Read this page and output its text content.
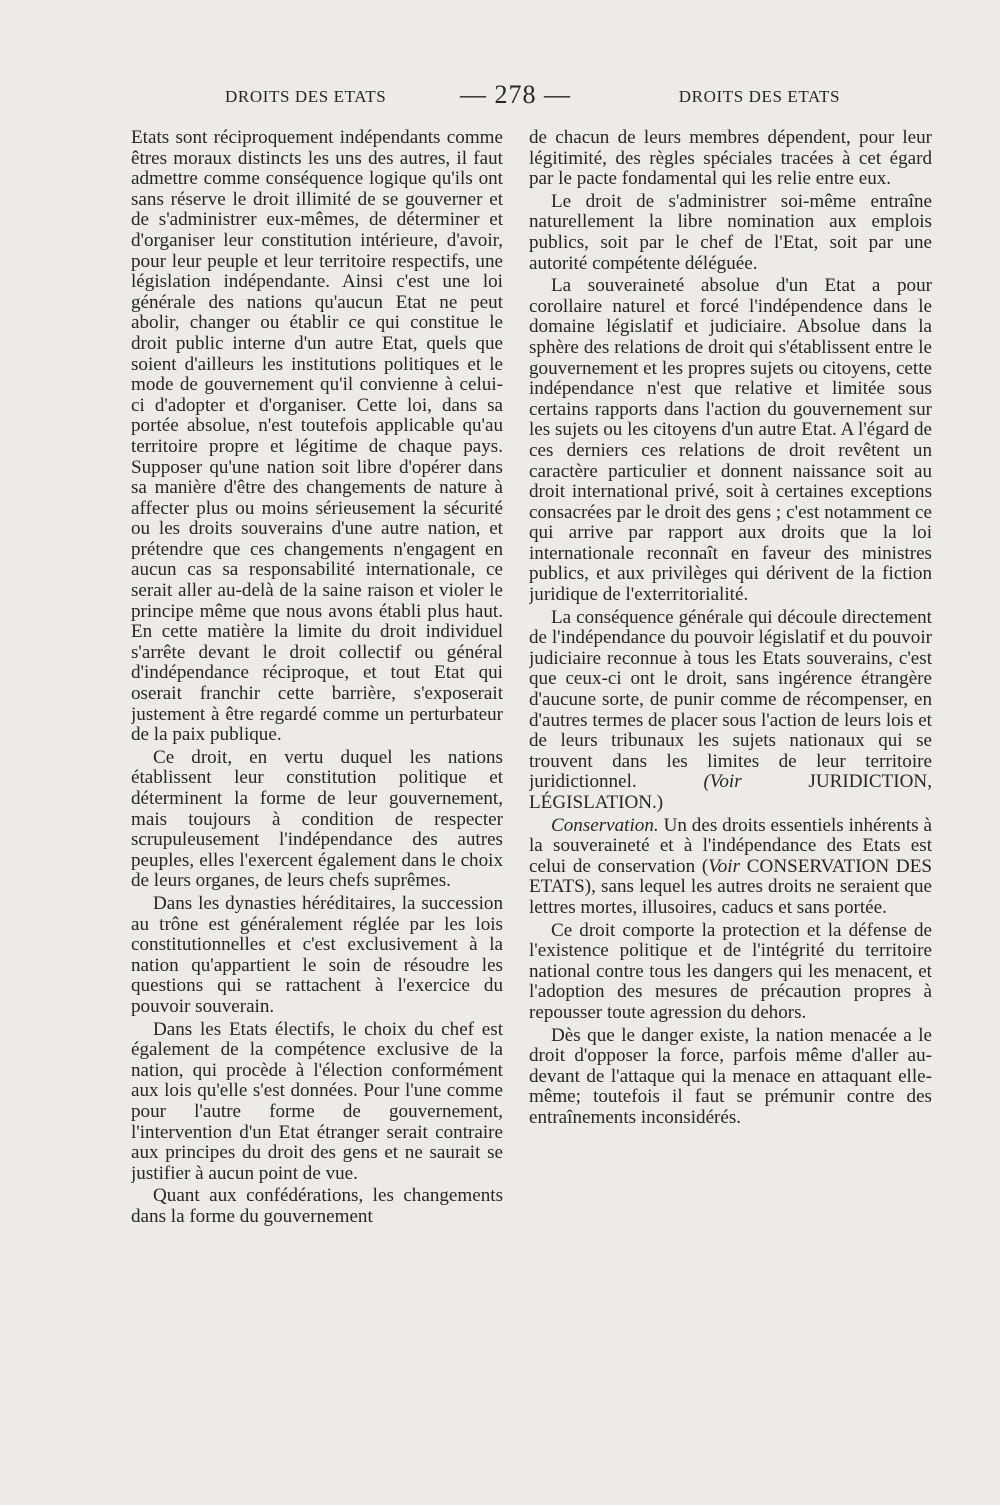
DROITS DES ETATS	— 278 —	DROITS DES ETATS

Etats sont réciproquement indépendants comme êtres moraux distincts les uns des autres, il faut admettre comme conséquence logique qu'ils ont sans réserve le droit illimité de se gouverner et de s'administrer eux-mêmes, de déterminer et d'organiser leur constitution intérieure, d'avoir, pour leur peuple et leur territoire respectifs, une législation indépendante. Ainsi c'est une loi générale des nations qu'aucun Etat ne peut abolir, changer ou établir ce qui constitue le droit public interne d'un autre Etat, quels que soient d'ailleurs les institutions politiques et le mode de gouvernement qu'il convienne à celui-ci d'adopter et d'organiser. Cette loi, dans sa portée absolue, n'est toutefois applicable qu'au territoire propre et légitime de chaque pays. Supposer qu'une nation soit libre d'opérer dans sa manière d'être des changements de nature à affecter plus ou moins sérieusement la sécurité ou les droits souverains d'une autre nation, et prétendre que ces changements n'engagent en aucun cas sa responsabilité internationale, ce serait aller au-delà de la saine raison et violer le principe même que nous avons établi plus haut. En cette matière la limite du droit individuel s'arrête devant le droit collectif ou général d'indépendance réciproque, et tout Etat qui oserait franchir cette barrière, s'exposerait justement à être regardé comme un perturbateur de la paix publique.

Ce droit, en vertu duquel les nations établissent leur constitution politique et déterminent la forme de leur gouvernement, mais toujours à condition de respecter scrupuleusement l'indépendance des autres peuples, elles l'exercent également dans le choix de leurs organes, de leurs chefs suprêmes.

Dans les dynasties héréditaires, la succession au trône est généralement réglée par les lois constitutionnelles et c'est exclusivement à la nation qu'appartient le soin de résoudre les questions qui se rattachent à l'exercice du pouvoir souverain.

Dans les Etats électifs, le choix du chef est également de la compétence exclusive de la nation, qui procède à l'élection conformément aux lois qu'elle s'est données. Pour l'une comme pour l'autre forme de gouvernement, l'intervention d'un Etat étranger serait contraire aux principes du droit des gens et ne saurait se justifier à aucun point de vue.

Quant aux confédérations, les changements dans la forme du gouvernement

de chacun de leurs membres dépendent, pour leur légitimité, des règles spéciales tracées à cet égard par le pacte fondamental qui les relie entre eux.

Le droit de s'administrer soi-même entraîne naturellement la libre nomination aux emplois publics, soit par le chef de l'Etat, soit par une autorité compétente déléguée.

La souveraineté absolue d'un Etat a pour corollaire naturel et forcé l'indépendence dans le domaine législatif et judiciaire. Absolue dans la sphère des relations de droit qui s'établissent entre le gouvernement et les propres sujets ou citoyens, cette indépendance n'est que relative et limitée sous certains rapports dans l'action du gouvernement sur les sujets ou les citoyens d'un autre Etat. A l'égard de ces derniers ces relations de droit revêtent un caractère particulier et donnent naissance soit au droit international privé, soit à certaines exceptions consacrées par le droit des gens ; c'est notamment ce qui arrive par rapport aux droits que la loi internationale reconnaît en faveur des ministres publics, et aux privilèges qui dérivent de la fiction juridique de l'exterritorialité.

La conséquence générale qui découle directement de l'indépendance du pouvoir législatif et du pouvoir judiciaire reconnue à tous les Etats souverains, c'est que ceux-ci ont le droit, sans ingérence étrangère d'aucune sorte, de punir comme de récompenser, en d'autres termes de placer sous l'action de leurs lois et de leurs tribunaux les sujets nationaux qui se trouvent dans les limites de leur territoire juridictionnel.	(Voir	JURIDICTION, LÉGISLATION.)

Conservation. Un des droits essentiels inhérents à la souveraineté et à l'indépendance des Etats est celui de conservation (Voir CONSERVATION DES ETATS), sans lequel les autres droits ne seraient que lettres mortes, illusoires, caducs et sans portée.

Ce droit comporte la protection et la défense de l'existence politique et de l'intégrité du territoire national contre tous les dangers qui les menacent, et l'adoption des mesures de précaution propres à repousser toute agression du dehors.

Dès que le danger existe, la nation menacée a le droit d'opposer la force, parfois même d'aller au-devant de l'attaque qui la menace en attaquant elle-même; toutefois il faut se prémunir contre des entraînements inconsidérés.
